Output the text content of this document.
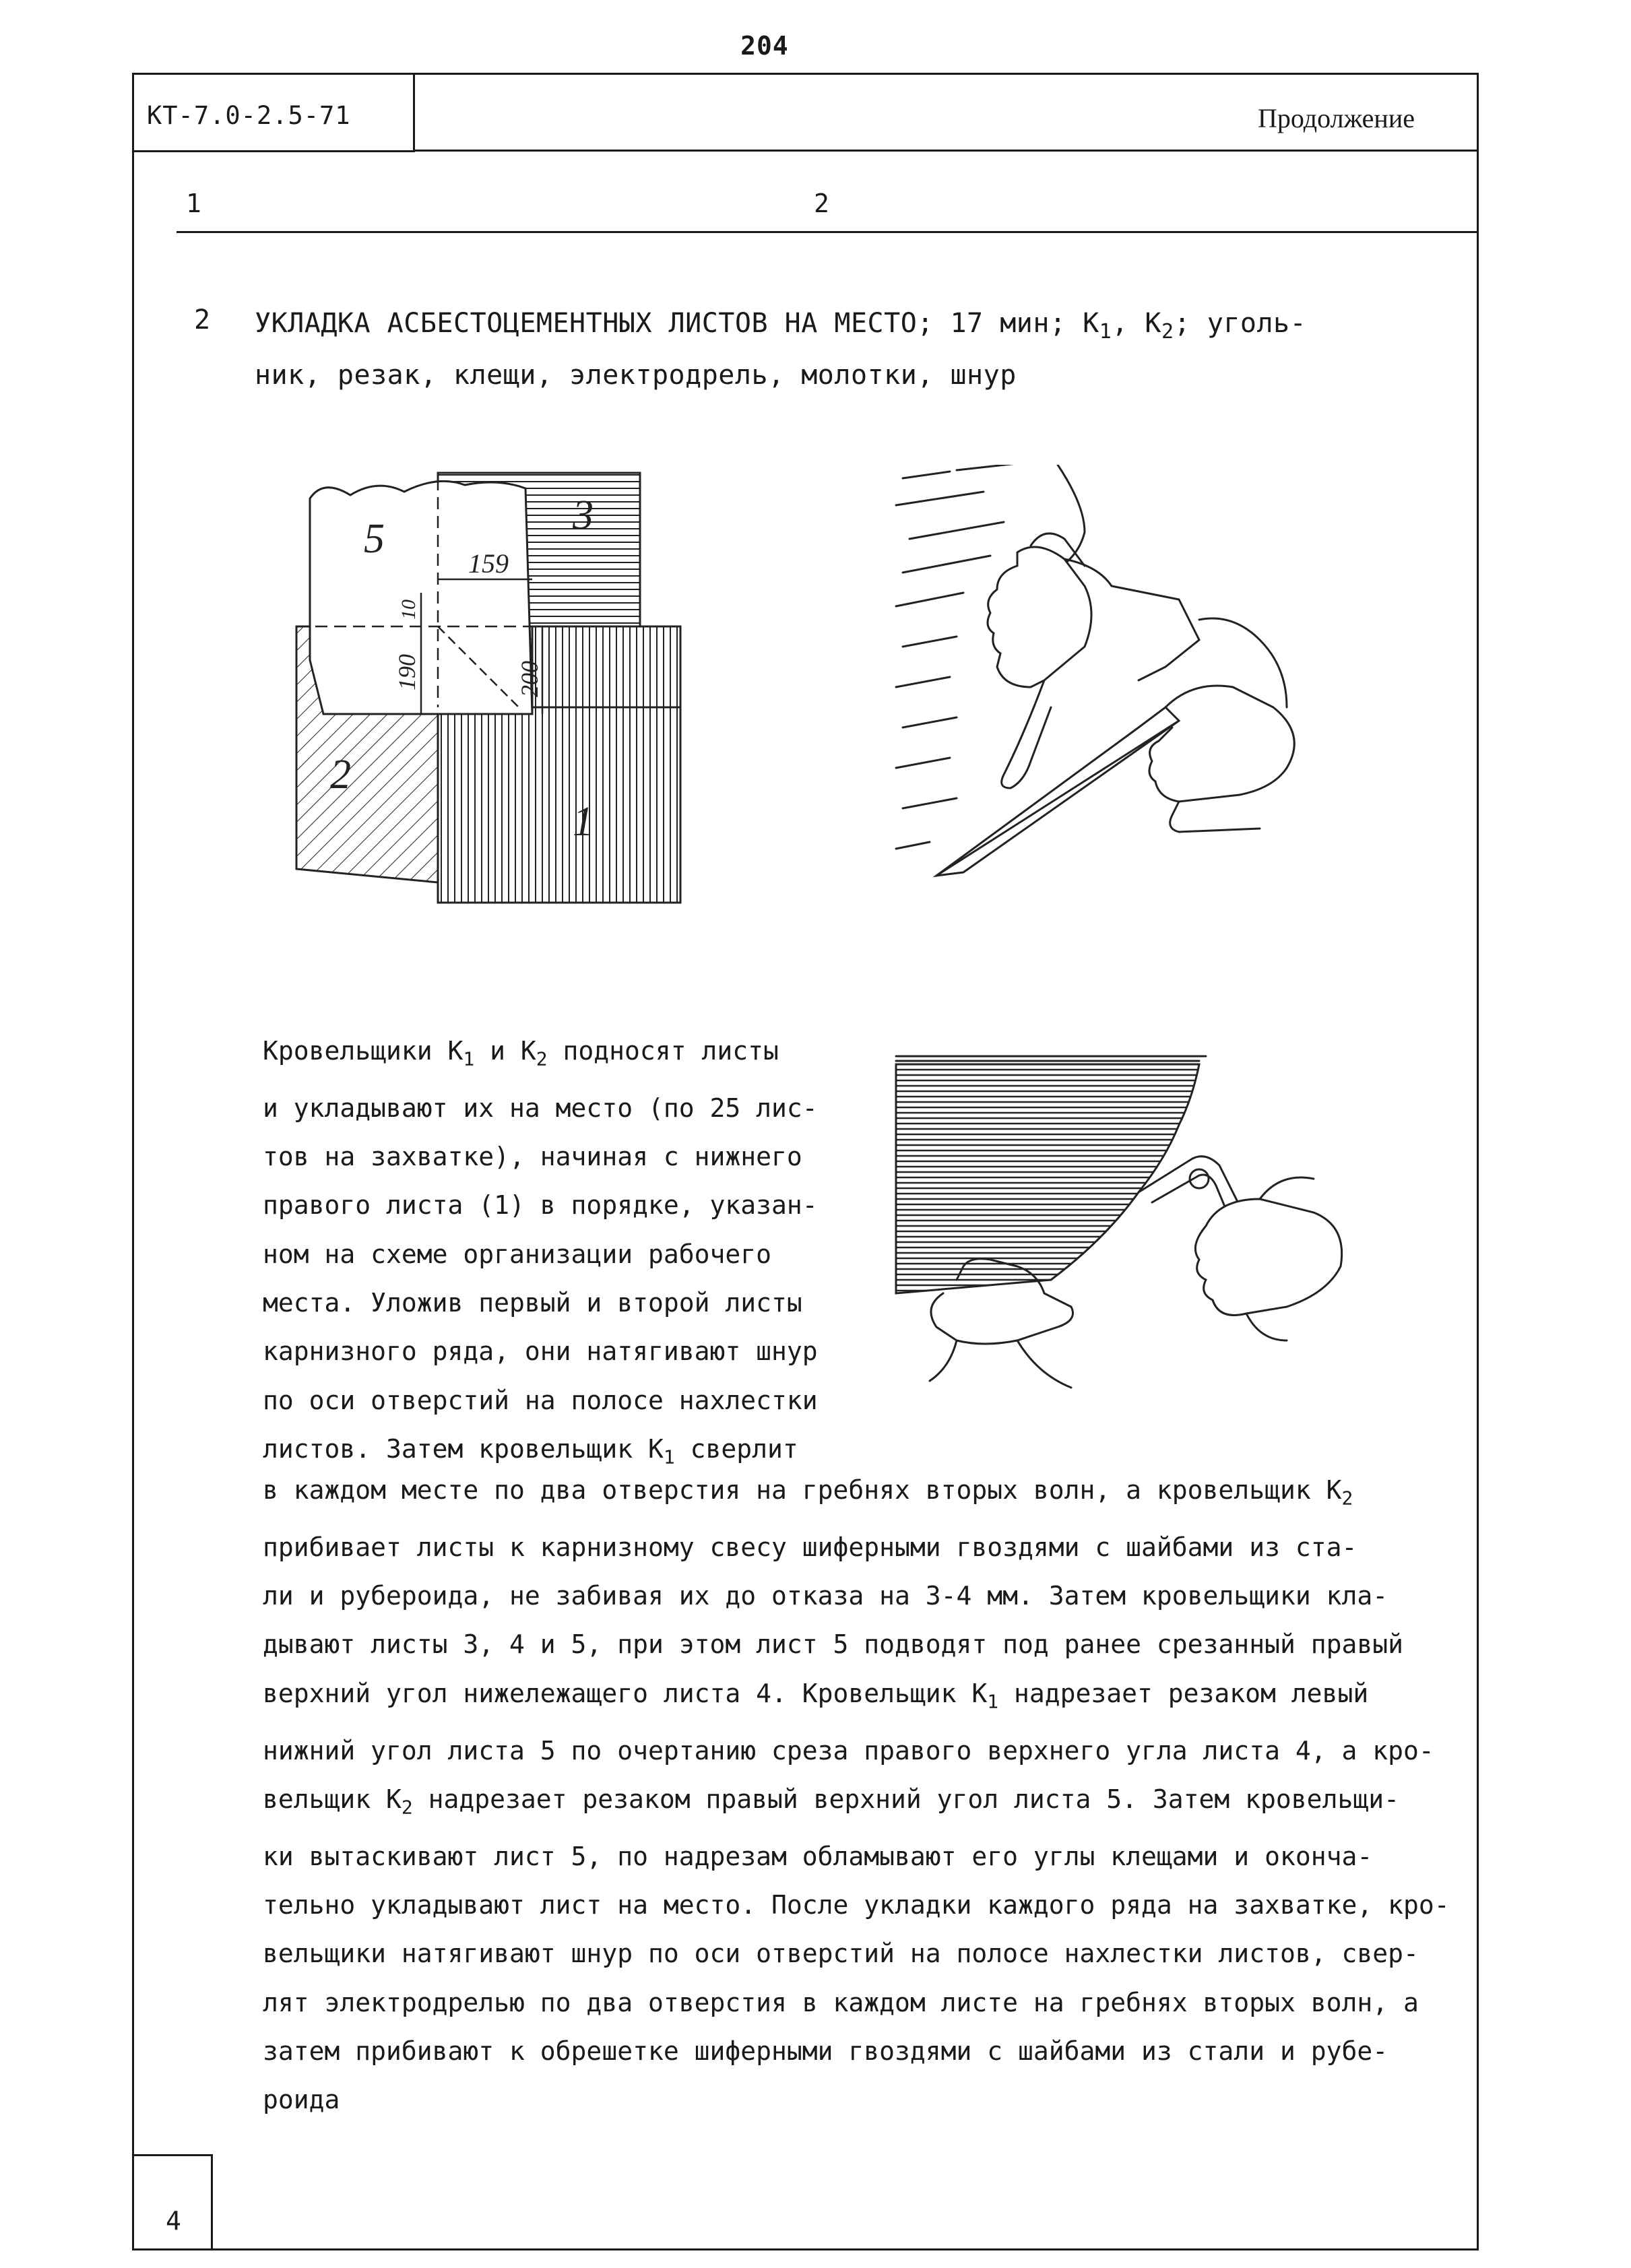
204
КТ-7.0-2.5-71	Продолжение
1	2
2 УКЛАДКА АСБЕСТОЦЕМЕНТНЫХ ЛИСТОВ НА МЕСТО; 17 мин; $К_1$, $К_2$; уголь-
ник, резак, клещи, электродрель, молотки, шнур
159
190
10
200
5
3
2
1
Кровельщики $К_1$ и $К_2$ подносят листы
и укладывают их на место (по 25 лис-
тов на захватке), начиная с нижнего
правого листа (1) в порядке, указан-
ном на схеме организации рабочего
места. Уложив первый и второй листы
карнизного ряда, они натягивают шнур
по оси отверстий на полосе нахлестки
листов. Затем кровельщик $К_1$ сверлит
в каждом месте по два отверстия на гребнях вторых волн, а кровельщик $К_2$
прибивает листы к карнизному свесу шиферными гвоздями с шайбами из ста-
ли и рубероида, не забивая их до отказа на 3-4 мм. Затем кровельщики кла-
дывают листы 3, 4 и 5, при этом лист 5 подводят под ранее срезанный правый
верхний угол нижележащего листа 4. Кровельщик $К_1$ надрезает резаком левый
нижний угол листа 5 по очертанию среза правого верхнего угла листа 4, а кро-
вельщик $К_2$ надрезает резаком правый верхний угол листа 5. Затем кровельщи-
ки вытаскивают лист 5, по надрезам обламывают его углы клещами и оконча-
тельно укладывают лист на место. После укладки каждого ряда на захватке, кро-
вельщики натягивают шнур по оси отверстий на полосе нахлестки листов, свер-
лят электродрелью по два отверстия в каждом листе на гребнях вторых волн, а
затем прибивают к обрешетке шиферными гвоздями с шайбами из стали и рубе-
роида
4
